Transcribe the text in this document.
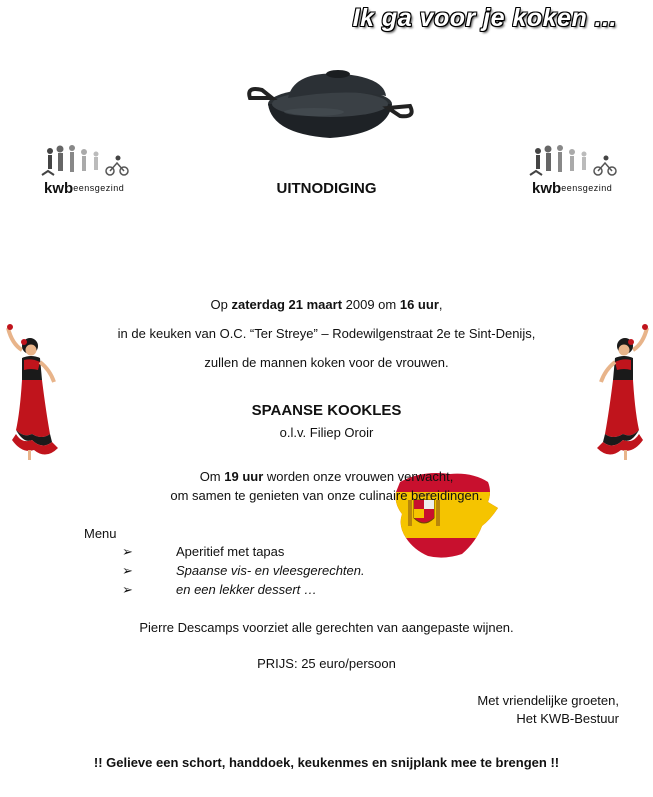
Ik ga voor je koken ...
kwbeensgezind	kwbeensgezind
UITNODIGING
Op zaterdag 21 maart 2009 om 16 uur,
in de keuken van O.C. “Ter Streye” – Rodewilgenstraat 2e te Sint-Denijs,
zullen de mannen koken voor de vrouwen.
SPAANSE KOOKLES
o.l.v. Filiep Oroir
Om 19 uur worden onze vrouwen verwacht,
om samen te genieten van onze culinaire bereidingen.
Menu
➢	Aperitief met tapas
➢	Spaanse vis- en vleesgerechten.
➢	en een lekker dessert …
Pierre Descamps voorziet alle gerechten van aangepaste wijnen.
PRIJS: 25 euro/persoon
Met vriendelijke groeten,
Het KWB-Bestuur
!! Gelieve een schort, handdoek, keukenmes en snijplank mee te brengen !!
